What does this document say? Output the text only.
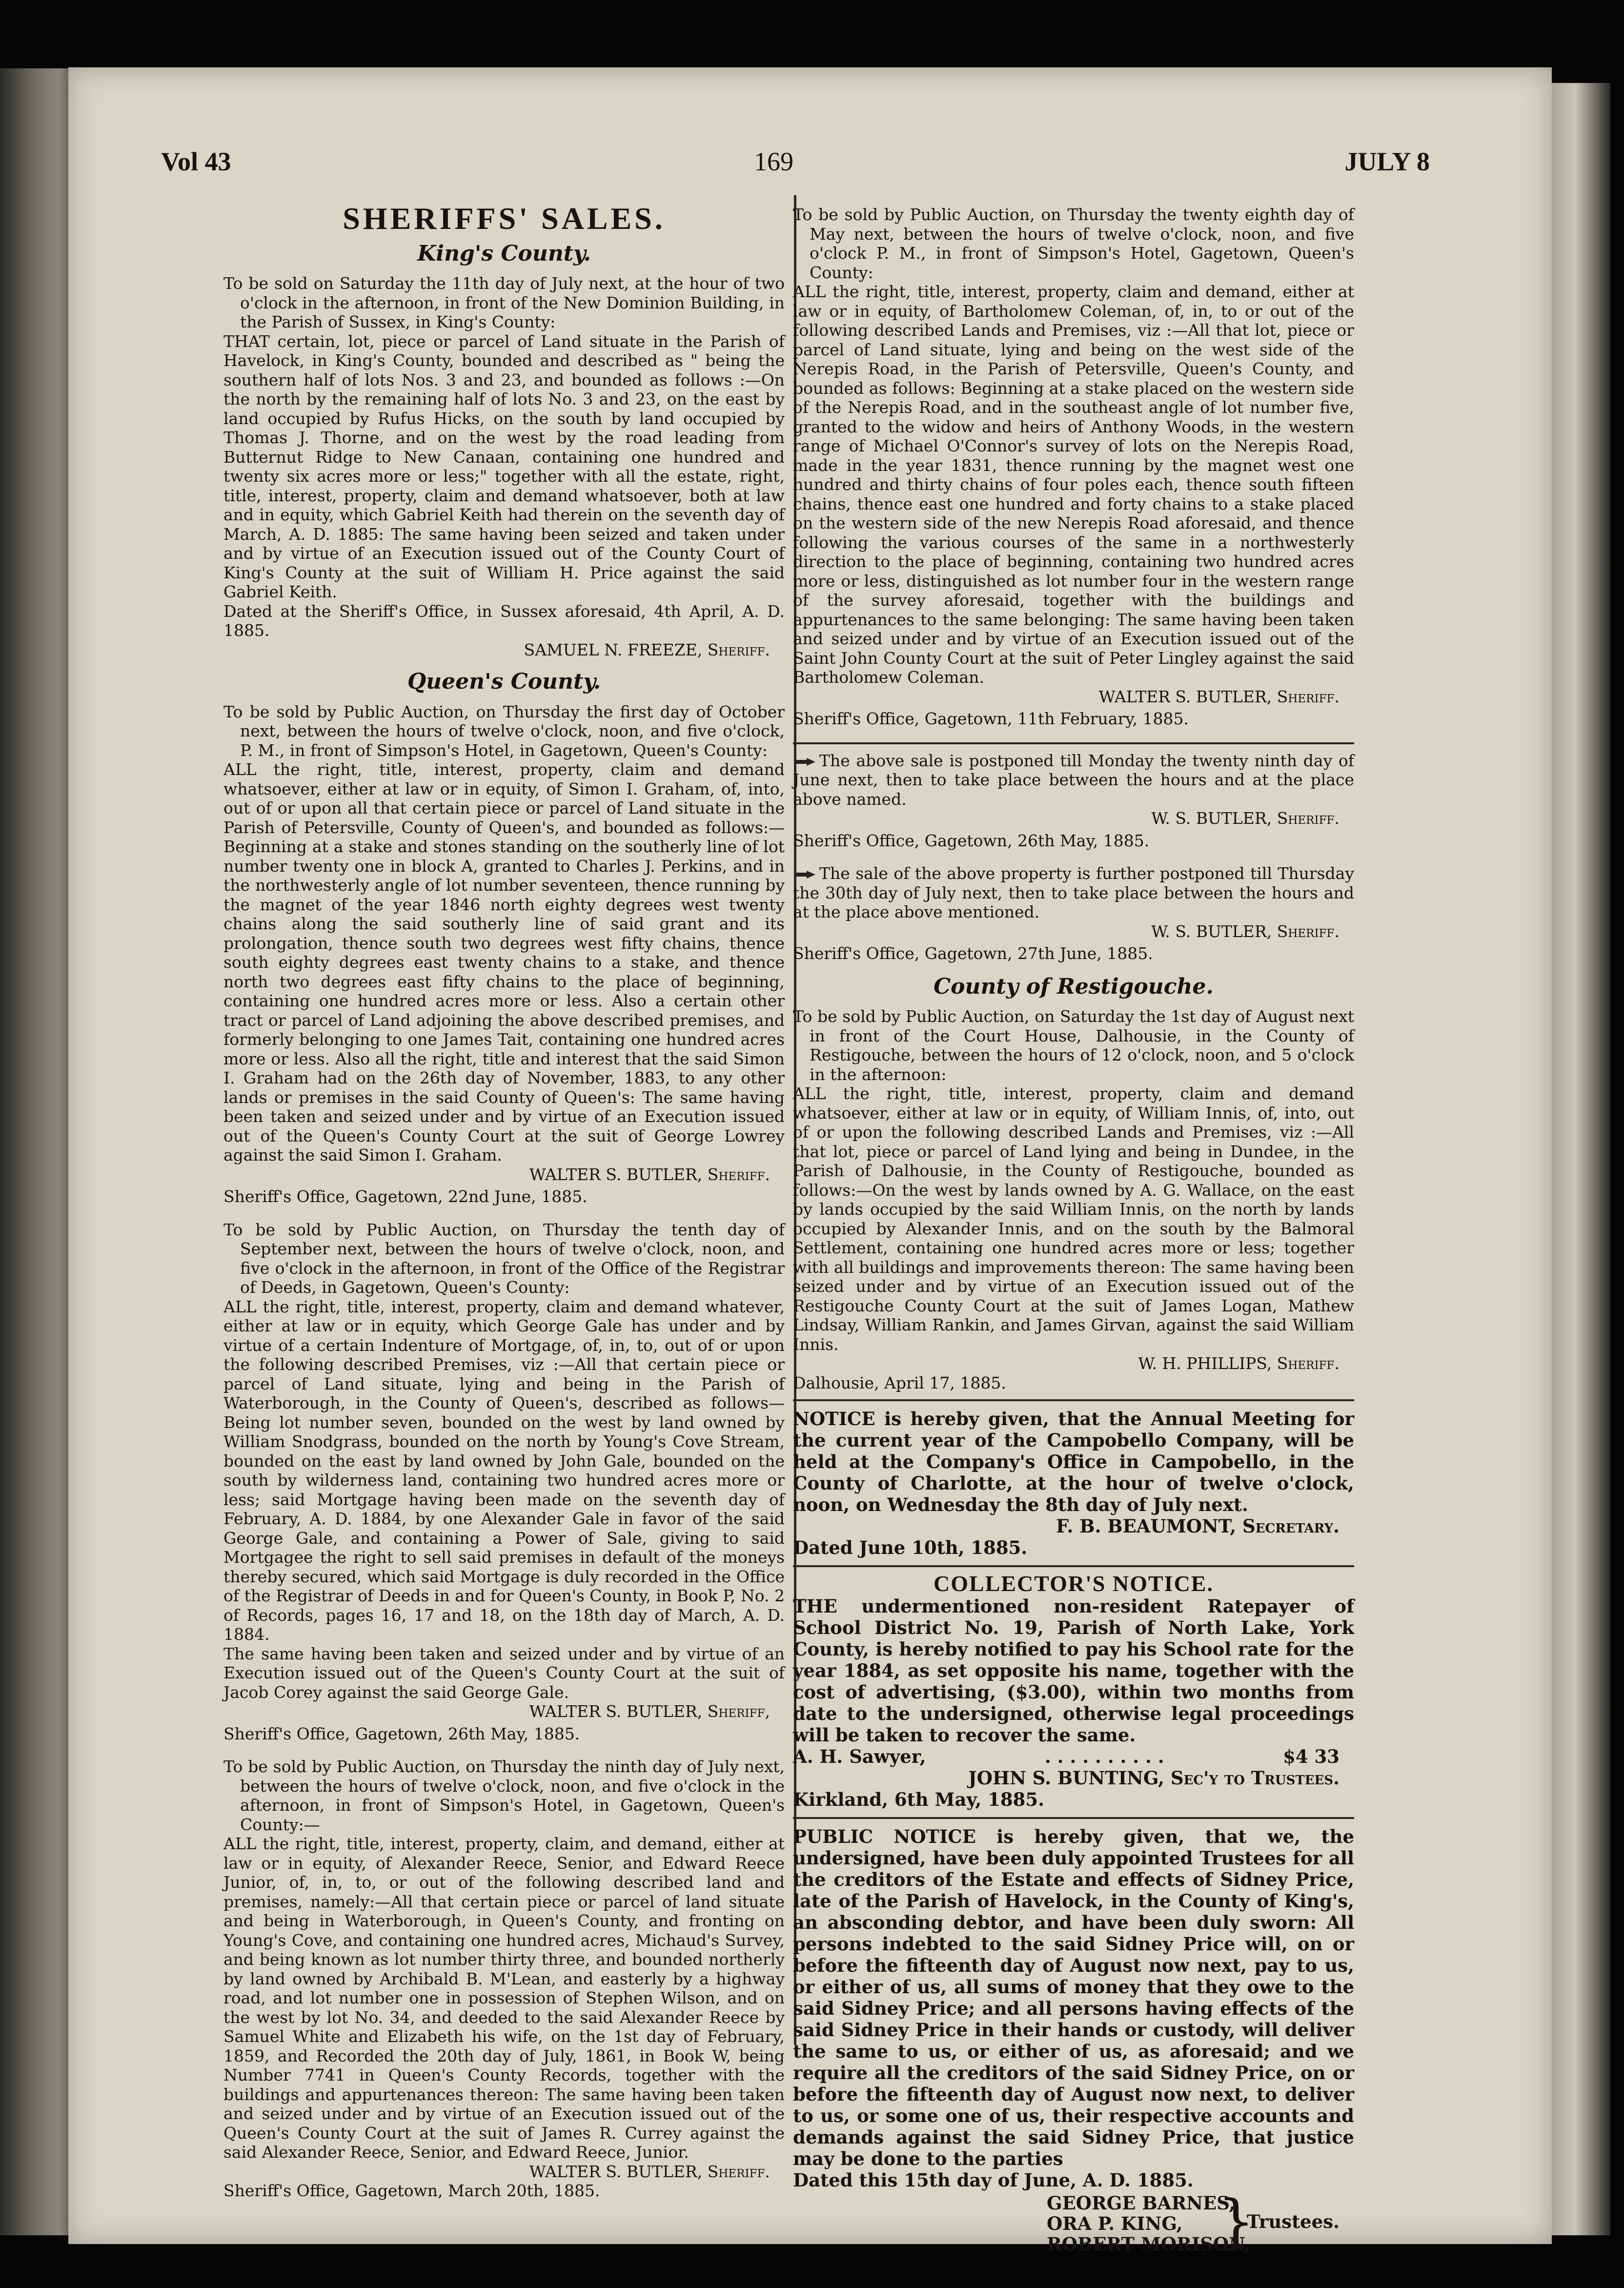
Vol 43	169	JULY 8

SHERIFFS' SALES.

King's County.

To be sold on Saturday the 11th day of July next, at the hour of two o'clock in the afternoon, in front of the New Dominion Building, in the Parish of Sussex, in King's County:

THAT certain, lot, piece or parcel of Land situate in the Parish of Havelock, in King's County, bounded and described as " being the southern half of lots Nos. 3 and 23, and bounded as follows :—On the north by the remaining half of lots No. 3 and 23, on the east by land occupied by Rufus Hicks, on the south by land occupied by Thomas J. Thorne, and on the west by the road leading from Butternut Ridge to New Canaan, containing one hundred and twenty six acres more or less;" together with all the estate, right, title, interest, property, claim and demand whatsoever, both at law and in equity, which Gabriel Keith had therein on the seventh day of March, A. D. 1885: The same having been seized and taken under and by virtue of an Execution issued out of the County Court of King's County at the suit of William H. Price against the said Gabriel Keith.

Dated at the Sheriff's Office, in Sussex aforesaid, 4th April, A. D. 1885.

SAMUEL N. FREEZE, Sheriff.

Queen's County.

To be sold by Public Auction, on Thursday the first day of October next, between the hours of twelve o'clock, noon, and five o'clock, P. M., in front of Simpson's Hotel, in Gagetown, Queen's County:

ALL the right, title, interest, property, claim and demand whatsoever, either at law or in equity, of Simon I. Graham, of, into, out of or upon all that certain piece or parcel of Land situate in the Parish of Petersville, County of Queen's, and bounded as follows:—Beginning at a stake and stones standing on the southerly line of lot number twenty one in block A, granted to Charles J. Perkins, and in the northwesterly angle of lot number seventeen, thence running by the magnet of the year 1846 north eighty degrees west twenty chains along the said southerly line of said grant and its prolongation, thence south two degrees west fifty chains, thence south eighty degrees east twenty chains to a stake, and thence north two degrees east fifty chains to the place of beginning, containing one hundred acres more or less. Also a certain other tract or parcel of Land adjoining the above described premises, and formerly belonging to one James Tait, containing one hundred acres more or less. Also all the right, title and interest that the said Simon I. Graham had on the 26th day of November, 1883, to any other lands or premises in the said County of Queen's: The same having been taken and seized under and by virtue of an Execution issued out of the Queen's County Court at the suit of George Lowrey against the said Simon I. Graham.

WALTER S. BUTLER, Sheriff.

Sheriff's Office, Gagetown, 22nd June, 1885.

To be sold by Public Auction, on Thursday the tenth day of September next, between the hours of twelve o'clock, noon, and five o'clock in the afternoon, in front of the Office of the Registrar of Deeds, in Gagetown, Queen's County:

ALL the right, title, interest, property, claim and demand whatever, either at law or in equity, which George Gale has under and by virtue of a certain Indenture of Mortgage, of, in, to, out of or upon the following described Premises, viz :—All that certain piece or parcel of Land situate, lying and being in the Parish of Waterborough, in the County of Queen's, described as follows—Being lot number seven, bounded on the west by land owned by William Snodgrass, bounded on the north by Young's Cove Stream, bounded on the east by land owned by John Gale, bounded on the south by wilderness land, containing two hundred acres more or less; said Mortgage having been made on the seventh day of February, A. D. 1884, by one Alexander Gale in favor of the said George Gale, and containing a Power of Sale, giving to said Mortgagee the right to sell said premises in default of the moneys thereby secured, which said Mortgage is duly recorded in the Office of the Registrar of Deeds in and for Queen's County, in Book P, No. 2 of Records, pages 16, 17 and 18, on the 18th day of March, A. D. 1884.

The same having been taken and seized under and by virtue of an Execution issued out of the Queen's County Court at the suit of Jacob Corey against the said George Gale.

WALTER S. BUTLER, Sheriff,

Sheriff's Office, Gagetown, 26th May, 1885.

To be sold by Public Auction, on Thursday the ninth day of July next, between the hours of twelve o'clock, noon, and five o'clock in the afternoon, in front of Simpson's Hotel, in Gagetown, Queen's County:—

ALL the right, title, interest, property, claim, and demand, either at law or in equity, of Alexander Reece, Senior, and Edward Reece Junior, of, in, to, or out of the following described land and premises, namely:—All that certain piece or parcel of land situate and being in Waterborough, in Queen's County, and fronting on Young's Cove, and containing one hundred acres, Michaud's Survey, and being known as lot number thirty three, and bounded northerly by land owned by Archibald B. M'Lean, and easterly by a highway road, and lot number one in possession of Stephen Wilson, and on the west by lot No. 34, and deeded to the said Alexander Reece by Samuel White and Elizabeth his wife, on the 1st day of February, 1859, and Recorded the 20th day of July, 1861, in Book W, being Number 7741 in Queen's County Records, together with the buildings and appurtenances thereon: The same having been taken and seized under and by virtue of an Execution issued out of the Queen's County Court at the suit of James R. Currey against the said Alexander Reece, Senior, and Edward Reece, Junior.

WALTER S. BUTLER, Sheriff.

Sheriff's Office, Gagetown, March 20th, 1885.

To be sold by Public Auction, on Thursday the twenty eighth day of May next, between the hours of twelve o'clock, noon, and five o'clock P. M., in front of Simpson's Hotel, Gagetown, Queen's County:

ALL the right, title, interest, property, claim and demand, either at law or in equity, of Bartholomew Coleman, of, in, to or out of the following described Lands and Premises, viz :—All that lot, piece or parcel of Land situate, lying and being on the west side of the Nerepis Road, in the Parish of Petersville, Queen's County, and bounded as follows: Beginning at a stake placed on the western side of the Nerepis Road, and in the southeast angle of lot number five, granted to the widow and heirs of Anthony Woods, in the western range of Michael O'Connor's survey of lots on the Nerepis Road, made in the year 1831, thence running by the magnet west one hundred and thirty chains of four poles each, thence south fifteen chains, thence east one hundred and forty chains to a stake placed on the western side of the new Nerepis Road aforesaid, and thence following the various courses of the same in a northwesterly direction to the place of beginning, containing two hundred acres more or less, distinguished as lot number four in the western range of the survey aforesaid, together with the buildings and appurtenances to the same belonging: The same having been taken and seized under and by virtue of an Execution issued out of the Saint John County Court at the suit of Peter Lingley against the said Bartholomew Coleman.

WALTER S. BUTLER, Sheriff.

Sheriff's Office, Gagetown, 11th February, 1885.

The above sale is postponed till Monday the twenty ninth day of June next, then to take place between the hours and at the place above named.

W. S. BUTLER, Sheriff.

Sheriff's Office, Gagetown, 26th May, 1885.

The sale of the above property is further postponed till Thursday the 30th day of July next, then to take place between the hours and at the place above mentioned.

W. S. BUTLER, Sheriff.

Sheriff's Office, Gagetown, 27th June, 1885.

County of Restigouche.

To be sold by Public Auction, on Saturday the 1st day of August next in front of the Court House, Dalhousie, in the County of Restigouche, between the hours of 12 o'clock, noon, and 5 o'clock in the afternoon:

ALL the right, title, interest, property, claim and demand whatsoever, either at law or in equity, of William Innis, of, into, out of or upon the following described Lands and Premises, viz :—All that lot, piece or parcel of Land lying and being in Dundee, in the Parish of Dalhousie, in the County of Restigouche, bounded as follows:—On the west by lands owned by A. G. Wallace, on the east by lands occupied by the said William Innis, on the north by lands occupied by Alexander Innis, and on the south by the Balmoral Settlement, containing one hundred acres more or less; together with all buildings and improvements thereon: The same having been seized under and by virtue of an Execution issued out of the Restigouche County Court at the suit of James Logan, Mathew Lindsay, William Rankin, and James Girvan, against the said William Innis.

W. H. PHILLIPS, Sheriff.

Dalhousie, April 17, 1885.

NOTICE is hereby given, that the Annual Meeting for the current year of the Campobello Company, will be held at the Company's Office in Campobello, in the County of Charlotte, at the hour of twelve o'clock, noon, on Wednesday the 8th day of July next.

F. B. BEAUMONT, Secretary.

Dated June 10th, 1885.

COLLECTOR'S NOTICE.

THE undermentioned non-resident Ratepayer of School District No. 19, Parish of North Lake, York County, is hereby notified to pay his School rate for the year 1884, as set opposite his name, together with the cost of advertising, ($3.00), within two months from date to the undersigned, otherwise legal proceedings will be taken to recover the same.

A. H. Sawyer,	. . . . . . . . . .	$4 33

JOHN S. BUNTING, Sec'y to Trustees.

Kirkland, 6th May, 1885.

PUBLIC NOTICE is hereby given, that we, the undersigned, have been duly appointed Trustees for all the creditors of the Estate and effects of Sidney Price, late of the Parish of Havelock, in the County of King's, an absconding debtor, and have been duly sworn: All persons indebted to the said Sidney Price will, on or before the fifteenth day of August now next, pay to us, or either of us, all sums of money that they owe to the said Sidney Price; and all persons having effects of the said Sidney Price in their hands or custody, will deliver the same to us, or either of us, as aforesaid; and we require all the creditors of the said Sidney Price, on or before the fifteenth day of August now next, to deliver to us, or some one of us, their respective accounts and demands against the said Sidney Price, that justice may be done to the parties

Dated this 15th day of June, A. D. 1885.

GEORGE BARNES,
ORA P. KING,
ROBERT MORISON,
}
Trustees.
